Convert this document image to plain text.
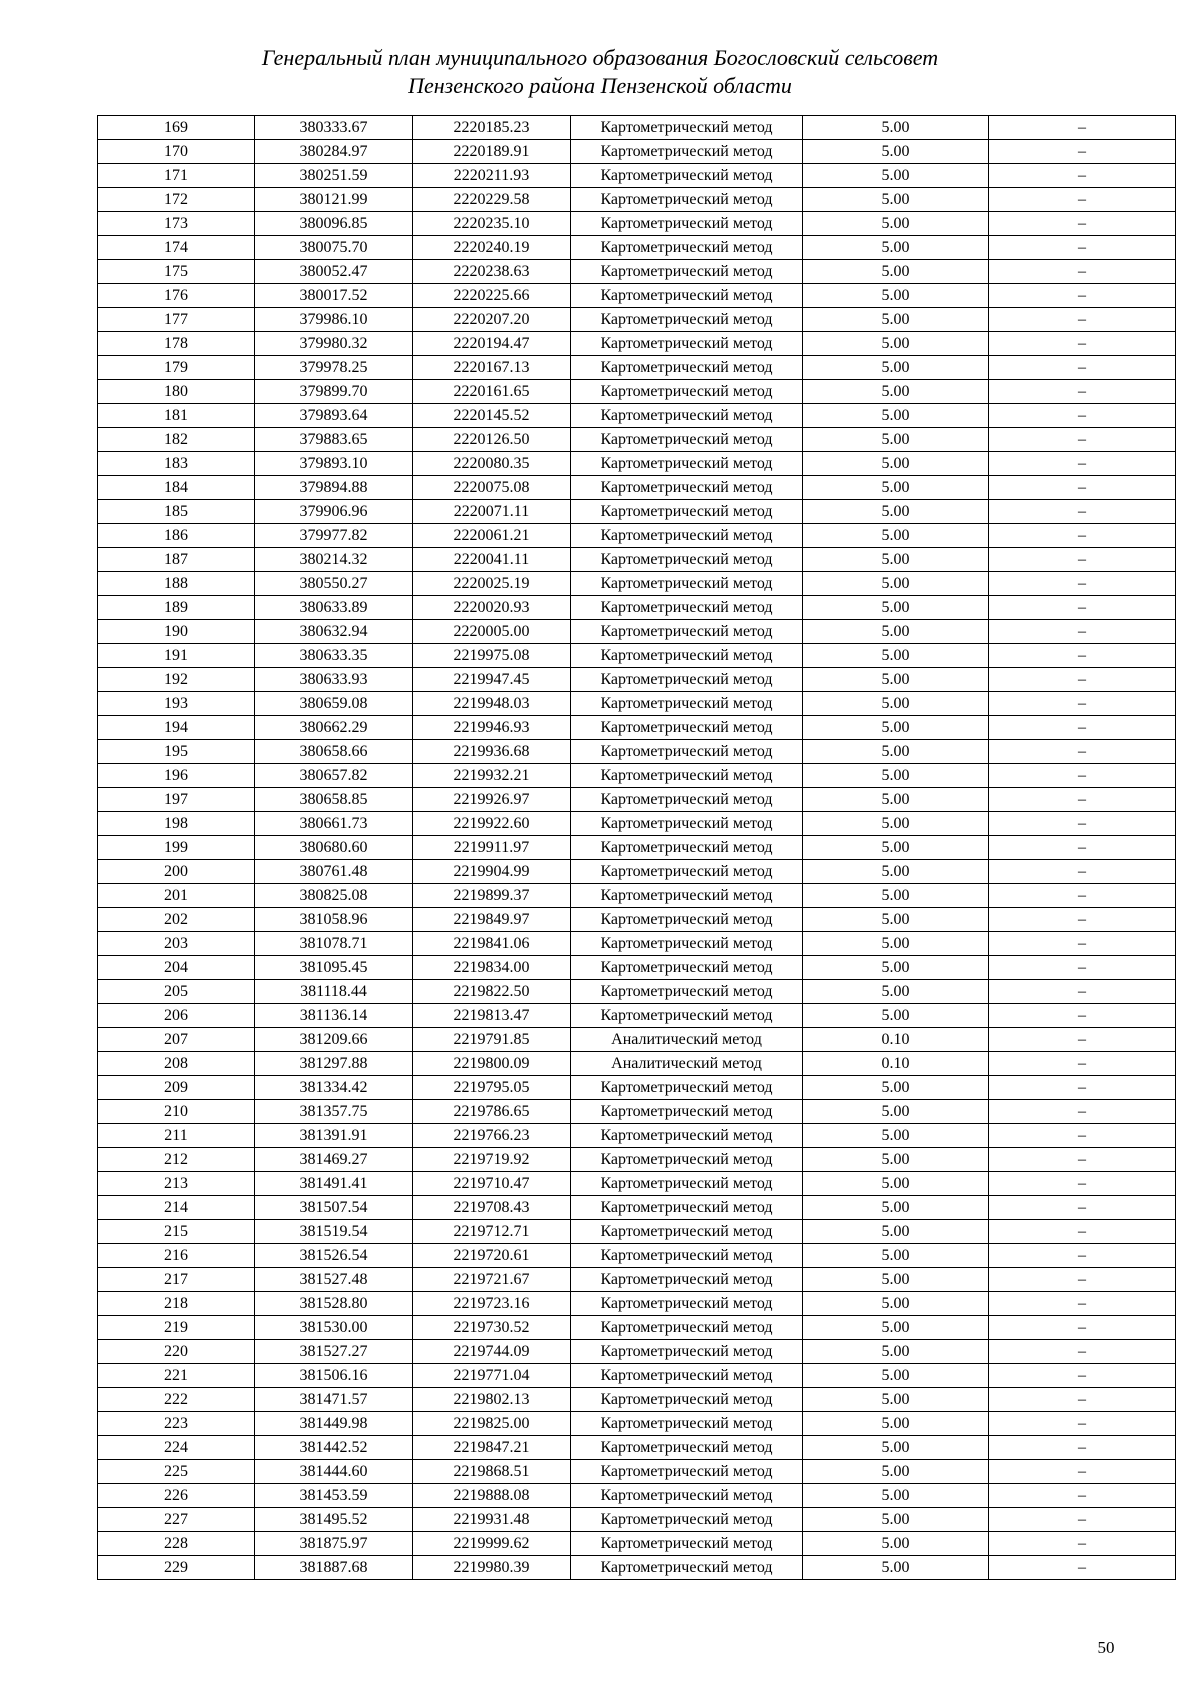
Генеральный план муниципального образования Богословский сельсовет
Пензенского района Пензенской области
169	380333.67	2220185.23	Картометрический метод	5.00	–
170	380284.97	2220189.91	Картометрический метод	5.00	–
171	380251.59	2220211.93	Картометрический метод	5.00	–
172	380121.99	2220229.58	Картометрический метод	5.00	–
173	380096.85	2220235.10	Картометрический метод	5.00	–
174	380075.70	2220240.19	Картометрический метод	5.00	–
175	380052.47	2220238.63	Картометрический метод	5.00	–
176	380017.52	2220225.66	Картометрический метод	5.00	–
177	379986.10	2220207.20	Картометрический метод	5.00	–
178	379980.32	2220194.47	Картометрический метод	5.00	–
179	379978.25	2220167.13	Картометрический метод	5.00	–
180	379899.70	2220161.65	Картометрический метод	5.00	–
181	379893.64	2220145.52	Картометрический метод	5.00	–
182	379883.65	2220126.50	Картометрический метод	5.00	–
183	379893.10	2220080.35	Картометрический метод	5.00	–
184	379894.88	2220075.08	Картометрический метод	5.00	–
185	379906.96	2220071.11	Картометрический метод	5.00	–
186	379977.82	2220061.21	Картометрический метод	5.00	–
187	380214.32	2220041.11	Картометрический метод	5.00	–
188	380550.27	2220025.19	Картометрический метод	5.00	–
189	380633.89	2220020.93	Картометрический метод	5.00	–
190	380632.94	2220005.00	Картометрический метод	5.00	–
191	380633.35	2219975.08	Картометрический метод	5.00	–
192	380633.93	2219947.45	Картометрический метод	5.00	–
193	380659.08	2219948.03	Картометрический метод	5.00	–
194	380662.29	2219946.93	Картометрический метод	5.00	–
195	380658.66	2219936.68	Картометрический метод	5.00	–
196	380657.82	2219932.21	Картометрический метод	5.00	–
197	380658.85	2219926.97	Картометрический метод	5.00	–
198	380661.73	2219922.60	Картометрический метод	5.00	–
199	380680.60	2219911.97	Картометрический метод	5.00	–
200	380761.48	2219904.99	Картометрический метод	5.00	–
201	380825.08	2219899.37	Картометрический метод	5.00	–
202	381058.96	2219849.97	Картометрический метод	5.00	–
203	381078.71	2219841.06	Картометрический метод	5.00	–
204	381095.45	2219834.00	Картометрический метод	5.00	–
205	381118.44	2219822.50	Картометрический метод	5.00	–
206	381136.14	2219813.47	Картометрический метод	5.00	–
207	381209.66	2219791.85	Аналитический метод	0.10	–
208	381297.88	2219800.09	Аналитический метод	0.10	–
209	381334.42	2219795.05	Картометрический метод	5.00	–
210	381357.75	2219786.65	Картометрический метод	5.00	–
211	381391.91	2219766.23	Картометрический метод	5.00	–
212	381469.27	2219719.92	Картометрический метод	5.00	–
213	381491.41	2219710.47	Картометрический метод	5.00	–
214	381507.54	2219708.43	Картометрический метод	5.00	–
215	381519.54	2219712.71	Картометрический метод	5.00	–
216	381526.54	2219720.61	Картометрический метод	5.00	–
217	381527.48	2219721.67	Картометрический метод	5.00	–
218	381528.80	2219723.16	Картометрический метод	5.00	–
219	381530.00	2219730.52	Картометрический метод	5.00	–
220	381527.27	2219744.09	Картометрический метод	5.00	–
221	381506.16	2219771.04	Картометрический метод	5.00	–
222	381471.57	2219802.13	Картометрический метод	5.00	–
223	381449.98	2219825.00	Картометрический метод	5.00	–
224	381442.52	2219847.21	Картометрический метод	5.00	–
225	381444.60	2219868.51	Картометрический метод	5.00	–
226	381453.59	2219888.08	Картометрический метод	5.00	–
227	381495.52	2219931.48	Картометрический метод	5.00	–
228	381875.97	2219999.62	Картометрический метод	5.00	–
229	381887.68	2219980.39	Картометрический метод	5.00	–
50
